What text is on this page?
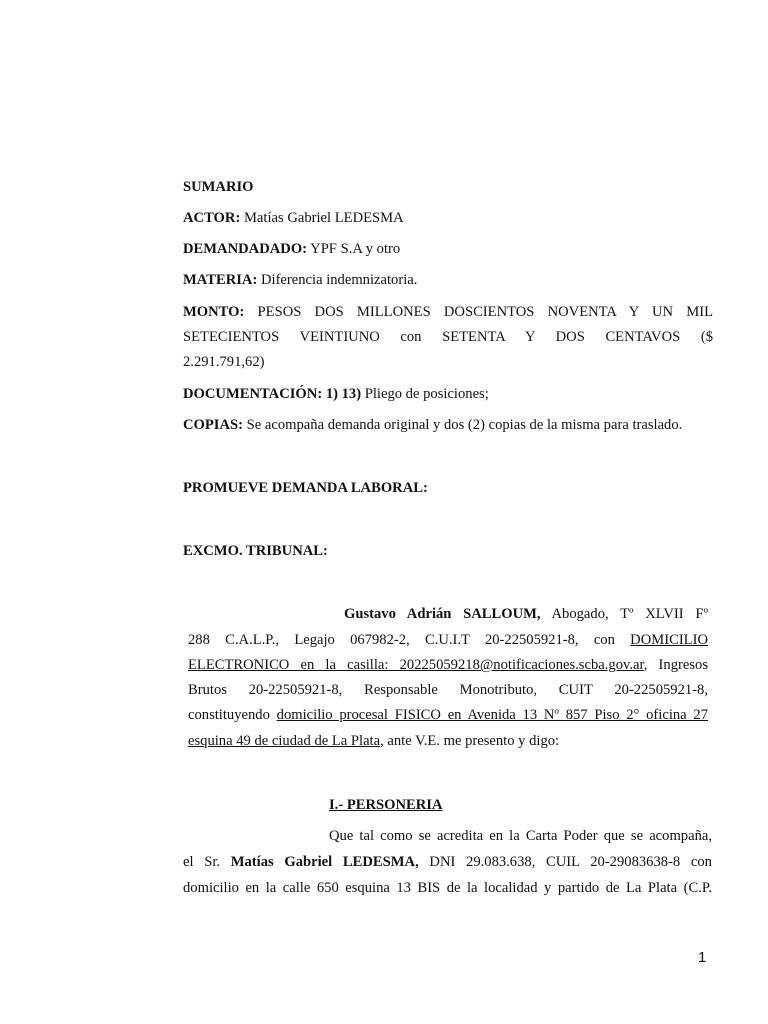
SUMARIO
ACTOR: Matías Gabriel LEDESMA
DEMANDADADO: YPF S.A y otro
MATERIA: Diferencia indemnizatoria.
MONTO: PESOS DOS MILLONES DOSCIENTOS NOVENTA Y UN MIL
SETECIENTOS VEINTIUNO con SETENTA Y DOS CENTAVOS ($
2.291.791,62)
DOCUMENTACIÓN: 1) 13) Pliego de posiciones;
COPIAS: Se acompaña demanda original y dos (2) copias de la misma para traslado.
PROMUEVE DEMANDA LABORAL:
EXCMO. TRIBUNAL:
Gustavo Adrián SALLOUM, Abogado, Tº XLVII Fº
288 C.A.L.P., Legajo 067982-2, C.U.I.T 20-22505921-8, con DOMICILIO
ELECTRONICO en la casilla: 20225059218@notificaciones.scba.gov.ar, Ingresos
Brutos 20-22505921-8, Responsable Monotributo, CUIT 20-22505921-8,
constituyendo domicilio procesal FISICO en Avenida 13 Nº 857 Piso 2° oficina 27
esquina 49 de ciudad de La Plata, ante V.E. me presento y digo:
I.- PERSONERIA
Que tal como se acredita en la Carta Poder que se acompaña,
el Sr. Matías Gabriel LEDESMA, DNI 29.083.638, CUIL 20-29083638-8 con
domicilio en la calle 650 esquina 13 BIS de la localidad y partido de La Plata (C.P.
1
